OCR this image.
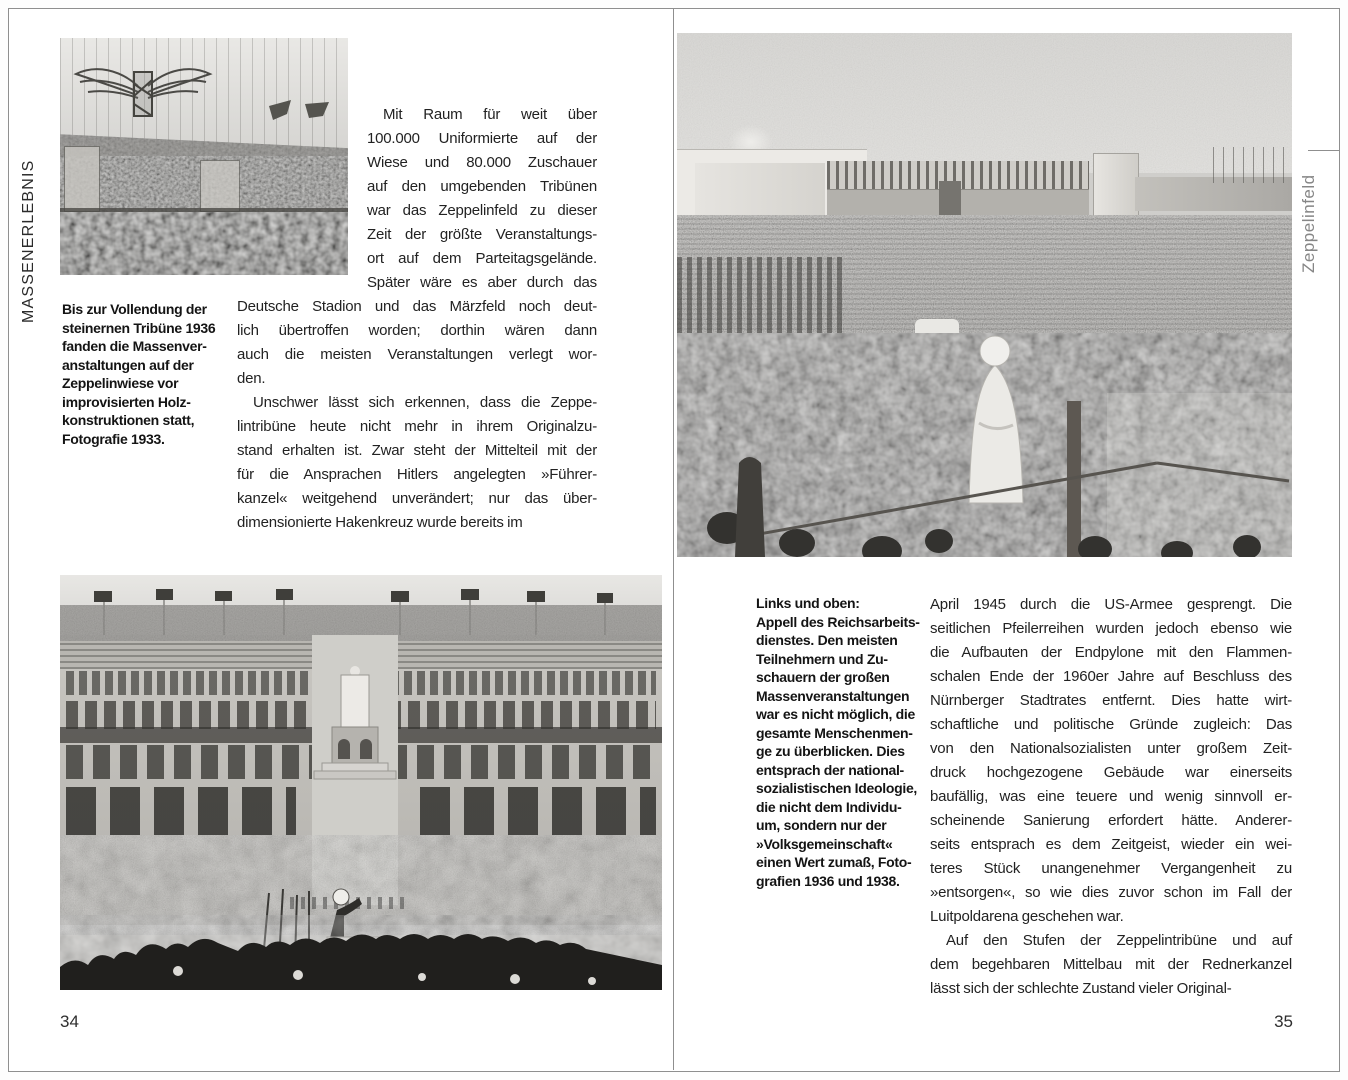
MASSENERLEBNIS	Bis zur Vollendung der
steinernen Tribüne 1936
fanden die Massenver-
anstaltungen auf der
Zeppelinwiese vor
improvisierten Holz-
konstruktionen statt,
Fotografie 1933.
Mit Raum für weit über
100.000 Uniformierte auf der
Wiese und 80.000 Zuschauer
auf den umgebenden Tribünen
war das Zeppelinfeld zu dieser
Zeit der größte Veranstaltungs-
ort auf dem Parteitagsgelände.
Später wäre es aber durch das
Deutsche Stadion und das Märzfeld noch deut-
lich übertroffen worden; dorthin wären dann
auch die meisten Veranstaltungen verlegt wor-
den.
Unschwer lässt sich erkennen, dass die Zeppe-
lintribüne heute nicht mehr in ihrem Originalzu-
stand erhalten ist. Zwar steht der Mittelteil mit der
für die Ansprachen Hitlers angelegten »Führer-
kanzel« weitgehend unverändert; nur das über-
dimensionierte Hakenkreuz wurde bereits im
34
Zeppelinfeld
Links und oben:
Appell des Reichsarbeits-
dienstes. Den meisten
Teilnehmern und Zu-
schauern der großen
Massenveranstaltungen
war es nicht möglich, die
gesamte Menschenmen-
ge zu überblicken. Dies
entsprach der national-
sozialistischen Ideologie,
die nicht dem Individu-
um, sondern nur der
»Volksgemeinschaft«
einen Wert zumaß, Foto-
grafien 1936 und 1938.
April 1945 durch die US-Armee gesprengt. Die
seitlichen Pfeilerreihen wurden jedoch ebenso wie
die Aufbauten der Endpylone mit den Flammen-
schalen Ende der 1960er Jahre auf Beschluss des
Nürnberger Stadtrates entfernt. Dies hatte wirt-
schaftliche und politische Gründe zugleich: Das
von den Nationalsozialisten unter großem Zeit-
druck hochgezogene Gebäude war einerseits
baufällig, was eine teuere und wenig sinnvoll er-
scheinende Sanierung erfordert hätte. Anderer-
seits entsprach es dem Zeitgeist, wieder ein wei-
teres Stück unangenehmer Vergangenheit zu
»entsorgen«, so wie dies zuvor schon im Fall der
Luitpoldarena geschehen war.
Auf den Stufen der Zeppelintribüne und auf
dem begehbaren Mittelbau mit der Rednerkanzel
lässt sich der schlechte Zustand vieler Original-
35
